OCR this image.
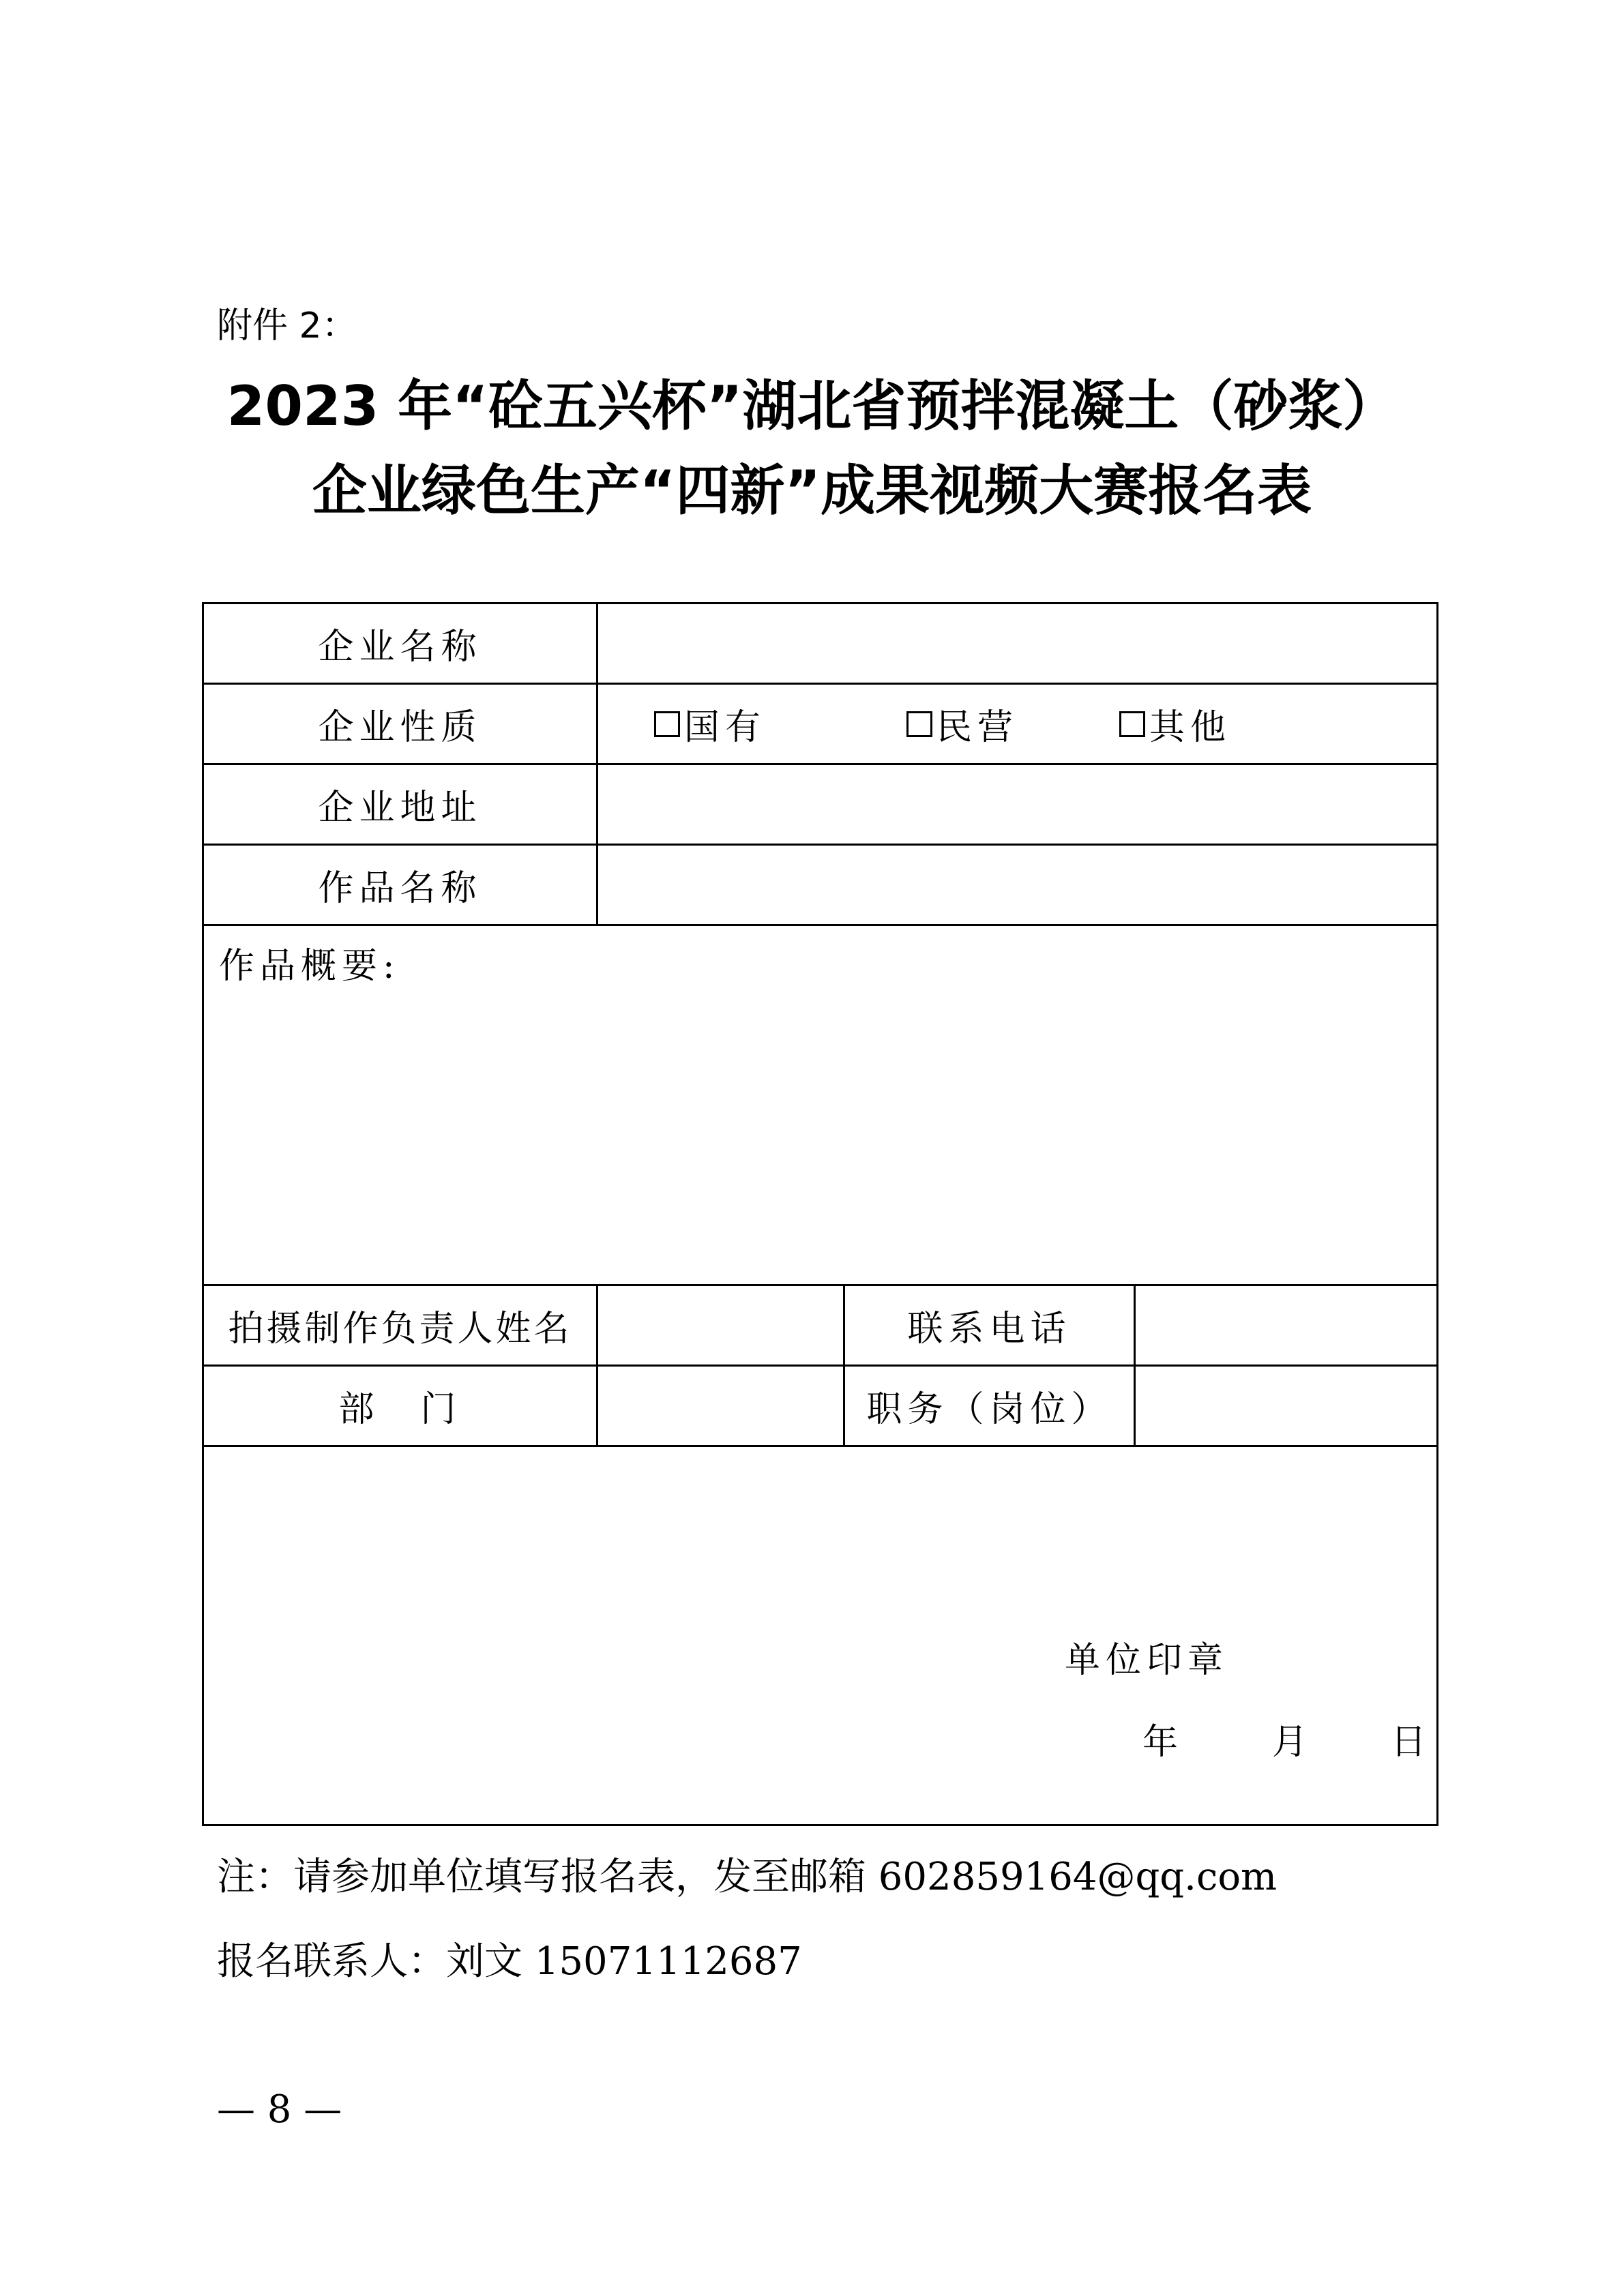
附件 2：
2023 年“砼五兴杯”湖北省预拌混凝土（砂浆）
企业绿色生产“四新”成果视频大赛报名表
企业名称
企业性质	国有	民营	其他
企业地址
作品名称
作品概要:
拍摄制作负责人姓名	联系电话
部　门	职务（岗位）
单位印章
年 月 日
注：请参加单位填写报名表，发至邮箱 602859164@qq.com
报名联系人：刘文 15071112687
— 8 —
